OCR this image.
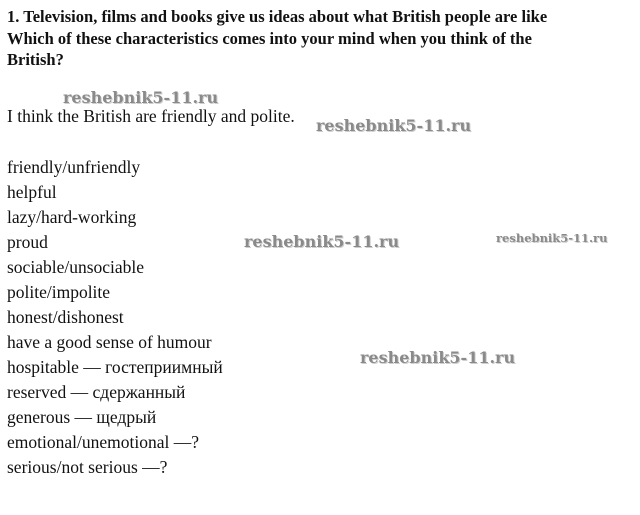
1. Television, films and books give us ideas about what British people are like
Which of these characteristics comes into your mind when you think of the
British?
I think the British are friendly and polite.
friendly/unfriendly
helpful
lazy/hard-working
proud
sociable/unsociable
polite/impolite
honest/dishonest
have a good sense of humour
hospitable — гостеприимный
reserved — сдержанный
generous — щедрый
emotional/unemotional —?
serious/not serious —?
reshebnik5-11.ru
reshebnik5-11.ru
reshebnik5-11.ru	reshebnik5-11.ru
reshebnik5-11.ru
